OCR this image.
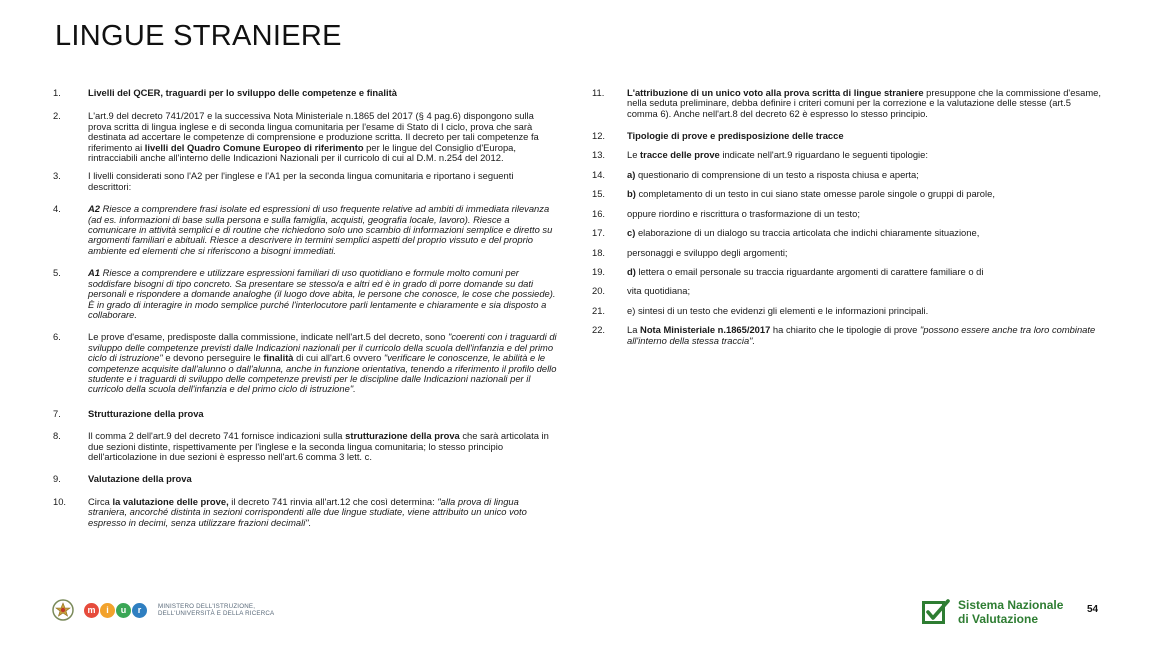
LINGUE STRANIERE
1.	Livelli del QCER, traguardi per lo sviluppo delle competenze e finalità
2.	L'art.9 del decreto 741/2017 e la successiva Nota Ministeriale n.1865 del 2017 (§ 4 pag.6) dispongono sulla prova scritta di lingua inglese e di seconda lingua comunitaria per l'esame di Stato di I ciclo, prova che sarà destinata ad accertare le competenze di comprensione e produzione scritta. Il decreto per tali competenze fa riferimento ai livelli del Quadro Comune Europeo di riferimento per le lingue del Consiglio d'Europa, rintracciabili anche all'interno delle Indicazioni Nazionali per il curricolo di cui al D.M. n.254 del 2012.
3.	I livelli considerati sono l'A2 per l'inglese e l'A1 per la seconda lingua comunitaria e riportano i seguenti descrittori:
4.	A2 Riesce a comprendere frasi isolate ed espressioni di uso frequente relative ad ambiti di immediata rilevanza (ad es. informazioni di base sulla persona e sulla famiglia, acquisti, geografia locale, lavoro). Riesce a comunicare in attività semplici e di routine che richiedono solo uno scambio di informazioni semplice e diretto su argomenti familiari e abituali. Riesce a descrivere in termini semplici aspetti del proprio vissuto e del proprio ambiente ed elementi che si riferiscono a bisogni immediati.
5.	A1 Riesce a comprendere e utilizzare espressioni familiari di uso quotidiano e formule molto comuni per soddisfare bisogni di tipo concreto. Sa presentare se stesso/a e altri ed è in grado di porre domande su dati personali e rispondere a domande analoghe (il luogo dove abita, le persone che conosce, le cose che possiede). È in grado di interagire in modo semplice purché l'interlocutore parli lentamente e chiaramente e sia disposto a collaborare.
6.	Le prove d'esame, predisposte dalla commissione, indicate nell'art.5 del decreto, sono "coerenti con i traguardi di sviluppo delle competenze previsti dalle Indicazioni nazionali per il curricolo della scuola dell'infanzia e del primo ciclo di istruzione" e devono perseguire le finalità di cui all'art.6 ovvero "verificare le conoscenze, le abilità e le competenze acquisite dall'alunno o dall'alunna, anche in funzione orientativa, tenendo a riferimento il profilo dello studente e i traguardi di sviluppo delle competenze previsti per le discipline dalle Indicazioni nazionali per il curricolo della scuola dell'infanzia e del primo ciclo di istruzione".
7.	Strutturazione della prova
8.	Il comma 2 dell'art.9 del decreto 741 fornisce indicazioni sulla strutturazione della prova che sarà articolata in due sezioni distinte, rispettivamente per l'inglese e la seconda lingua comunitaria; lo stesso principio dell'articolazione in due sezioni è espresso nell'art.6 comma 3 lett. c.
9.	Valutazione della prova
10.	Circa la valutazione delle prove, il decreto 741 rinvia all'art.12 che così determina: "alla prova di lingua straniera, ancorché distinta in sezioni corrispondenti alle due lingue studiate, viene attribuito un unico voto espresso in decimi, senza utilizzare frazioni decimali".
11.	L'attribuzione di un unico voto alla prova scritta di lingue straniere presuppone che la commissione d'esame, nella seduta preliminare, debba definire i criteri comuni per la correzione e la valutazione delle stesse (art.5 comma 6). Anche nell'art.8 del decreto 62 è espresso lo stesso principio.
12.	Tipologie di prove e predisposizione delle tracce
13.	Le tracce delle prove indicate nell'art.9 riguardano le seguenti tipologie:
14.	a) questionario di comprensione di un testo a risposta chiusa e aperta;
15.	b) completamento di un testo in cui siano state omesse parole singole o gruppi di parole,
16.	oppure riordino e riscrittura o trasformazione di un testo;
17.	c) elaborazione di un dialogo su traccia articolata che indichi chiaramente situazione,
18.	personaggi e sviluppo degli argomenti;
19.	d) lettera o email personale su traccia riguardante argomenti di carattere familiare o di
20.	vita quotidiana;
21.	e) sintesi di un testo che evidenzi gli elementi e le informazioni principali.
22.	La Nota Ministeriale n.1865/2017 ha chiarito che le tipologie di prove "possono essere anche tra loro combinate all'interno della stessa traccia".
m	i	u	r	MINISTERO DELL'ISTRUZIONE,
DELL'UNIVERSITÀ E DELLA RICERCA
Sistema Nazionale
di Valutazione
54
